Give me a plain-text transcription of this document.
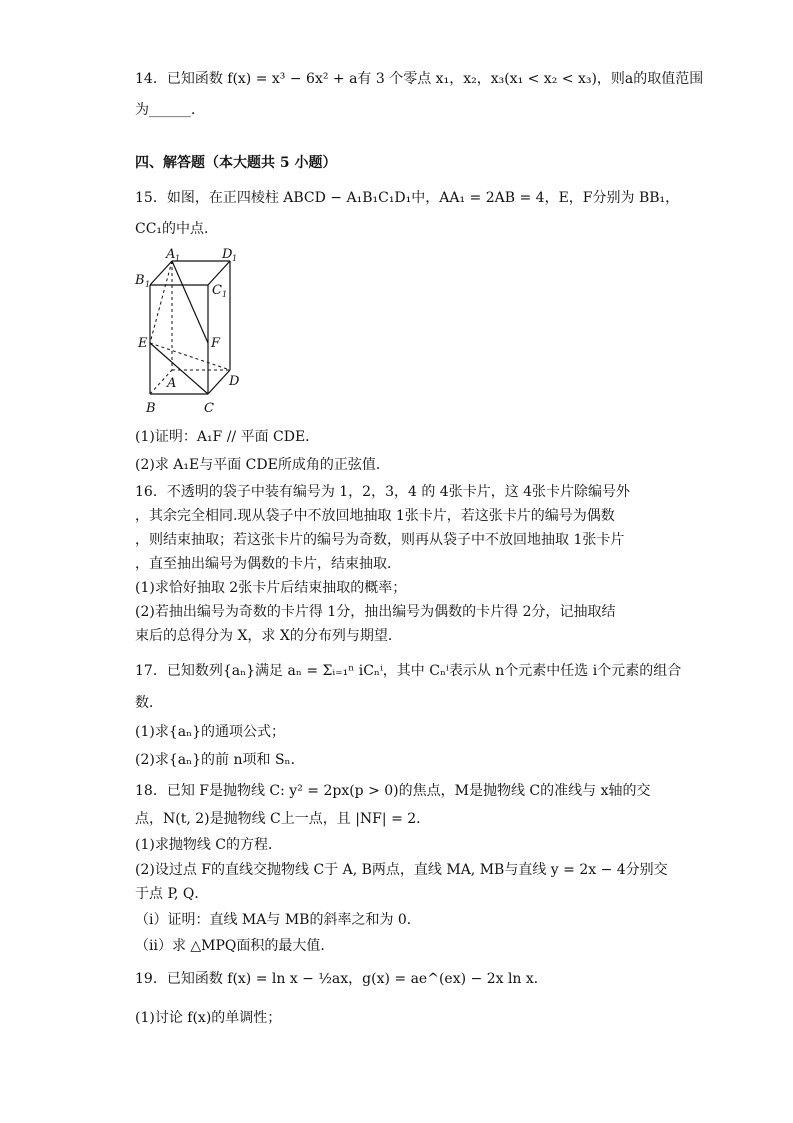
14．已知函数 f(x) = x³ − 6x² + a有 3 个零点 x₁，x₂，x₃(x₁ < x₂ < x₃)，则a的取值范围
为______．
四、解答题（本大题共 5 小题）
15．如图，在正四棱柱 ABCD − A₁B₁C₁D₁中，AA₁ = 2AB = 4，E，F分别为 BB₁，
CC₁的中点．
A 1	D 1
B 1	C 1
E	F
A	D
B	C
(1)证明：A₁F // 平面 CDE．
(2)求 A₁E与平面 CDE所成角的正弦值．
16．不透明的袋子中装有编号为 1，2，3，4 的 4张卡片，这 4张卡片除编号外
，其余完全相同.现从袋子中不放回地抽取 1张卡片，若这张卡片的编号为偶数
，则结束抽取；若这张卡片的编号为奇数，则再从袋子中不放回地抽取 1张卡片
，直至抽出编号为偶数的卡片，结束抽取．
(1)求恰好抽取 2张卡片后结束抽取的概率；
(2)若抽出编号为奇数的卡片得 1分，抽出编号为偶数的卡片得 2分，记抽取结
束后的总得分为 X，求 X的分布列与期望．
17．已知数列{aₙ}满足 aₙ = Σᵢ₌₁ⁿ iCₙⁱ，其中 Cₙⁱ表示从 n个元素中任选 i个元素的组合
数．
(1)求{aₙ}的通项公式；
(2)求{aₙ}的前 n项和 Sₙ．
18．已知 F是抛物线 C: y² = 2px(p > 0)的焦点，M是抛物线 C的准线与 x轴的交
点，N(t, 2)是抛物线 C上一点，且 |NF| = 2．
(1)求抛物线 C的方程．
(2)设过点 F的直线交抛物线 C于 A, B两点，直线 MA, MB与直线 y = 2x − 4分别交
于点 P, Q．
（ⅰ）证明：直线 MA与 MB的斜率之和为 0．
（ⅱ）求 △MPQ面积的最大值．
19．已知函数 f(x) = ln x − ½ax，g(x) = ae^(ex) − 2x ln x．
(1)讨论 f(x)的单调性；
